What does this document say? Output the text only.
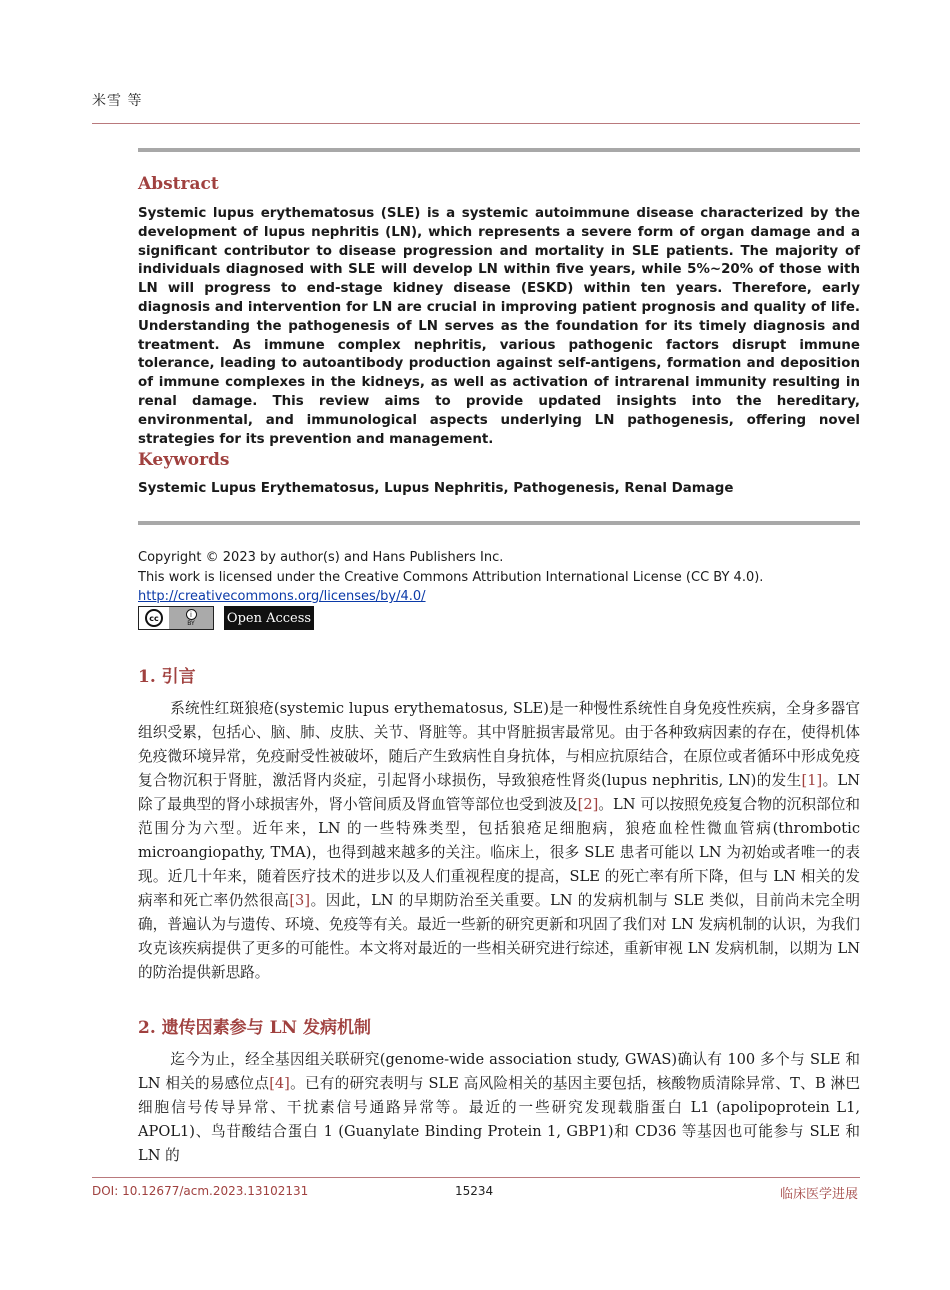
米雪 等
Abstract
Systemic lupus erythematosus (SLE) is a systemic autoimmune disease characterized by the development of lupus nephritis (LN), which represents a severe form of organ damage and a significant contributor to disease progression and mortality in SLE patients. The majority of individuals diagnosed with SLE will develop LN within five years, while 5%~20% of those with LN will progress to end-stage kidney disease (ESKD) within ten years. Therefore, early diagnosis and intervention for LN are crucial in improving patient prognosis and quality of life. Understanding the pathogenesis of LN serves as the foundation for its timely diagnosis and treatment. As immune complex nephritis, various pathogenic factors disrupt immune tolerance, leading to autoantibody production against self-antigens, formation and deposition of immune complexes in the kidneys, as well as activation of intrarenal immunity resulting in renal damage. This review aims to provide updated insights into the hereditary, environmental, and immunological aspects underlying LN pathogenesis, offering novel strategies for its prevention and management.
Keywords
Systemic Lupus Erythematosus, Lupus Nephritis, Pathogenesis, Renal Damage
Copyright © 2023 by author(s) and Hans Publishers Inc.
This work is licensed under the Creative Commons Attribution International License (CC BY 4.0).
http://creativecommons.org/licenses/by/4.0/
cc	i
BY Open Access
1. 引言
系统性红斑狼疮(systemic lupus erythematosus, SLE)是一种慢性系统性自身免疫性疾病，全身多器官组织受累，包括心、脑、肺、皮肤、关节、肾脏等。其中肾脏损害最常见。由于各种致病因素的存在，使得机体免疫微环境异常，免疫耐受性被破坏，随后产生致病性自身抗体，与相应抗原结合，在原位或者循环中形成免疫复合物沉积于肾脏，激活肾内炎症，引起肾小球损伤，导致狼疮性肾炎(lupus nephritis, LN)的发生[1]。LN 除了最典型的肾小球损害外，肾小管间质及肾血管等部位也受到波及[2]。LN 可以按照免疫复合物的沉积部位和范围分为六型。近年来，LN 的一些特殊类型，包括狼疮足细胞病，狼疮血栓性微血管病(thrombotic microangiopathy, TMA)，也得到越来越多的关注。临床上，很多 SLE 患者可能以 LN 为初始或者唯一的表现。近几十年来，随着医疗技术的进步以及人们重视程度的提高，SLE 的死亡率有所下降，但与 LN 相关的发病率和死亡率仍然很高[3]。因此，LN 的早期防治至关重要。LN 的发病机制与 SLE 类似，目前尚未完全明确，普遍认为与遗传、环境、免疫等有关。最近一些新的研究更新和巩固了我们对 LN 发病机制的认识，为我们攻克该疾病提供了更多的可能性。本文将对最近的一些相关研究进行综述，重新审视 LN 发病机制，以期为 LN 的防治提供新思路。
2. 遗传因素参与 LN 发病机制
迄今为止，经全基因组关联研究(genome-wide association study, GWAS)确认有 100 多个与 SLE 和 LN 相关的易感位点[4]。已有的研究表明与 SLE 高风险相关的基因主要包括，核酸物质清除异常、T、B 淋巴细胞信号传导异常、干扰素信号通路异常等。最近的一些研究发现载脂蛋白 L1 (apolipoprotein L1, APOL1)、鸟苷酸结合蛋白 1 (Guanylate Binding Protein 1, GBP1)和 CD36 等基因也可能参与 SLE 和 LN 的
DOI: 10.12677/acm.2023.13102131	15234	临床医学进展
